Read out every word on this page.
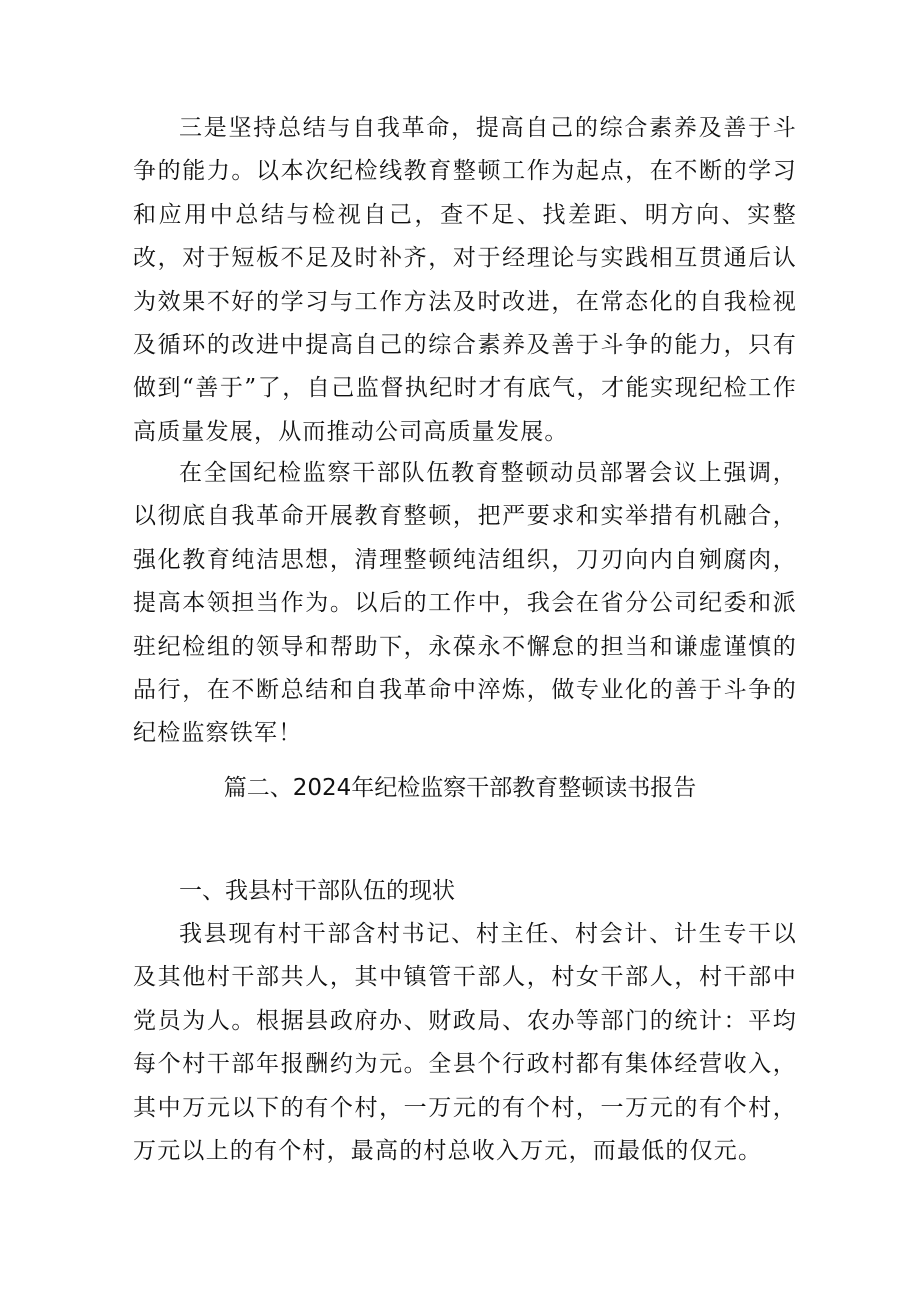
三是坚持总结与自我革命，提高自己的综合素养及善于斗争的能力。以本次纪检线教育整顿工作为起点，在不断的学习和应用中总结与检视自己，查不足、找差距、明方向、实整改，对于短板不足及时补齐，对于经理论与实践相互贯通后认为效果不好的学习与工作方法及时改进，在常态化的自我检视及循环的改进中提高自己的综合素养及善于斗争的能力，只有做到“善于”了，自己监督执纪时才有底气，才能实现纪检工作高质量发展，从而推动公司高质量发展。

在全国纪检监察干部队伍教育整顿动员部署会议上强调，以彻底自我革命开展教育整顿，把严要求和实举措有机融合，强化教育纯洁思想，清理整顿纯洁组织，刀刃向内自剜腐肉，提高本领担当作为。以后的工作中，我会在省分公司纪委和派驻纪检组的领导和帮助下，永葆永不懈怠的担当和谦虚谨慎的品行，在不断总结和自我革命中淬炼，做专业化的善于斗争的纪检监察铁军！

篇二、2024年纪检监察干部教育整顿读书报告
一、我县村干部队伍的现状

我县现有村干部含村书记、村主任、村会计、计生专干以及其他村干部共人，其中镇管干部人，村女干部人，村干部中党员为人。根据县政府办、财政局、农办等部门的统计：平均每个村干部年报酬约为元。全县个行政村都有集体经营收入，其中万元以下的有个村，一万元的有个村，一万元的有个村，万元以上的有个村，最高的村总收入万元，而最低的仅元。
